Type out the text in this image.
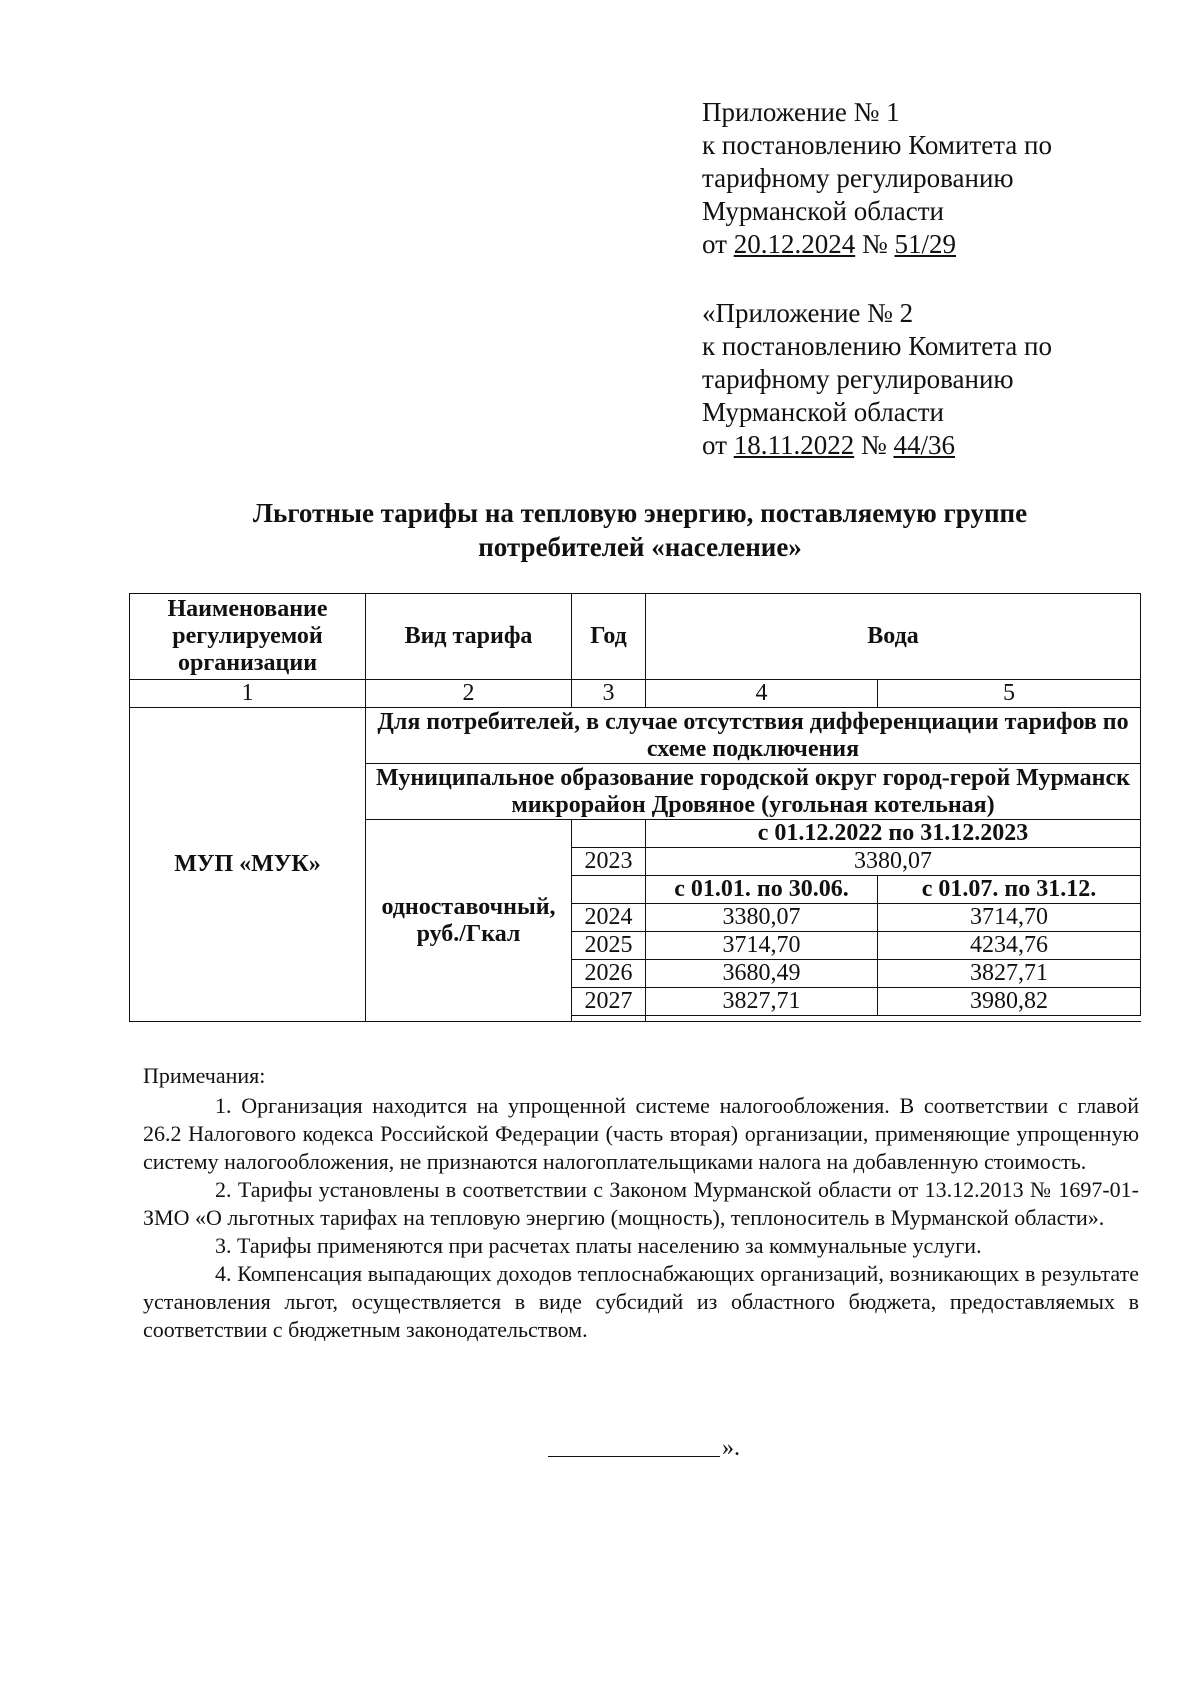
Приложение № 1
к постановлению Комитета по
тарифному регулированию
Мурманской области
от 20.12.2024 № 51/29
«Приложение № 2
к постановлению Комитета по
тарифному регулированию
Мурманской области
от 18.11.2022 № 44/36
Льготные тарифы на тепловую энергию, поставляемую группе
потребителей «население»
Наименование регулируемой организации	Вид тарифа	Год	Вода	
1	2	3	4	5
МУП «МУК»	Для потребителей, в случае отсутствия дифференциации тарифов по схеме подключения			
	Муниципальное образование городской округ город-герой Мурманск микрорайон Дровяное (угольная котельная)			
	одноставочный, руб./Гкал		с 01.12.2022 по 31.12.2023	
		2023	3380,07	
			с 01.01. по 30.06.	с 01.07. по 31.12.
		2024	3380,07	3714,70
		2025	3714,70	4234,76
		2026	3680,49	3827,71
		2027	3827,71	3980,82

Примечания:

1. Организация находится на упрощенной системе налогообложения. В соответствии с главой 26.2 Налогового кодекса Российской Федерации (часть вторая) организации, применяющие упрощенную систему налогообложения, не признаются налогоплательщиками налога на добавленную стоимость.

2. Тарифы установлены в соответствии с Законом Мурманской области от 13.12.2013 № 1697-01-ЗМО «О льготных тарифах на тепловую энергию (мощность), теплоноситель в Мурманской области».

3. Тарифы применяются при расчетах платы населению за коммунальные услуги.

4. Компенсация выпадающих доходов теплоснабжающих организаций, возникающих в результате установления льгот, осуществляется в виде субсидий из областного бюджета, предоставляемых в соответствии с бюджетным законодательством.

».
